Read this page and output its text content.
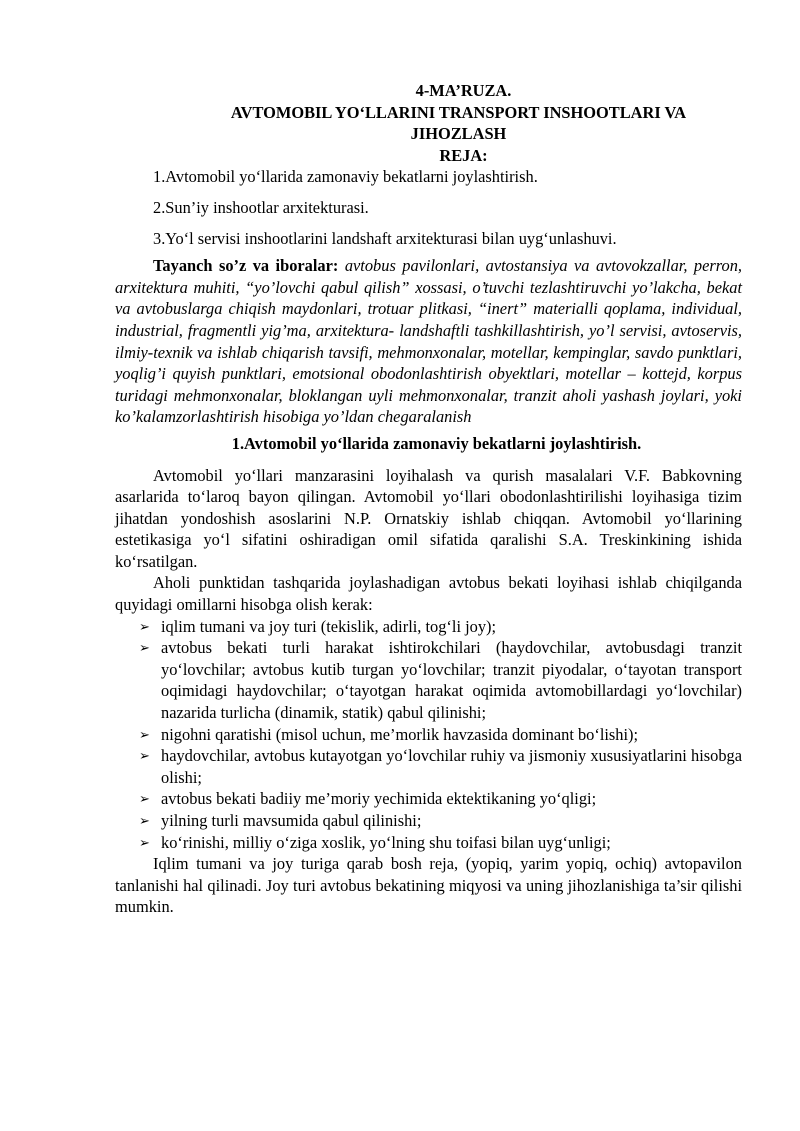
4-MA’RUZA.
AVTOMOBIL YO‘LLARINI TRANSPORT INSHOOTLARI VA
JIHOZLASH
REJA:
1.Avtomobil yo‘llarida zamonaviy bekatlarni joylashtirish.
2.Sun’iy inshootlar arxitekturasi.
3.Yo‘l servisi inshootlarini landshaft arxitekturasi bilan uyg‘unlashuvi.

Tayanch so’z va iboralar: avtobus pavilonlari, avtostansiya va avtovokzallar, perron, arxitektura muhiti, “yo’lovchi qabul qilish” xossasi, o’tuvchi tezlashtiruvchi yo’lakcha, bekat va avtobuslarga chiqish maydonlari, trotuar plitkasi, “inert” materialli qoplama, individual, industrial, fragmentli yig’ma, arxitektura- landshaftli tashkillashtirish, yo’l servisi, avtoservis, ilmiy-texnik va ishlab chiqarish tavsifi, mehmonxonalar, motellar, kempinglar, savdo punktlari, yoqlig’i quyish punktlari, emotsional obodonlashtirish obyektlari, motellar – kottejd, korpus turidagi mehmonxonalar, bloklangan uyli mehmonxonalar, tranzit aholi yashash joylari, yoki ko’kalamzorlashtirish hisobiga yo’ldan chegaralanish

1.Avtomobil yo‘llarida zamonaviy bekatlarni joylashtirish.

Avtomobil yo‘llari manzarasini loyihalash va qurish masalalari V.F. Babkovning asarlarida to‘laroq bayon qilingan. Avtomobil yo‘llari obodonlashtirilishi loyihasiga tizim jihatdan yondoshish asoslarini N.P. Ornatskiy ishlab chiqqan. Avtomobil yo‘llarining estetikasiga yo‘l sifatini oshiradigan omil sifatida qaralishi S.A. Treskinkining ishida ko‘rsatilgan.

Aholi punktidan tashqarida joylashadigan avtobus bekati loyihasi ishlab chiqilganda quyidagi omillarni hisobga olish kerak:

➢ iqlim tumani va joy turi (tekislik, adirli, tog‘li joy);
➢ avtobus bekati turli harakat ishtirokchilari (haydovchilar, avtobusdagi tranzit yo‘lovchilar; avtobus kutib turgan yo‘lovchilar; tranzit piyodalar, o‘tayotan transport oqimidagi haydovchilar; o‘tayotgan harakat oqimida avtomobillardagi yo‘lovchilar) nazarida turlicha (dinamik, statik) qabul qilinishi;
➢ nigohni qaratishi (misol uchun, me’morlik havzasida dominant bo‘lishi);
➢ haydovchilar, avtobus kutayotgan yo‘lovchilar ruhiy va jismoniy xususiyatlarini hisobga olishi;
➢ avtobus bekati badiiy me’moriy yechimida ektektikaning yo‘qligi;
➢ yilning turli mavsumida qabul qilinishi;
➢ ko‘rinishi, milliy o‘ziga xoslik, yo‘lning shu toifasi bilan uyg‘unligi;

Iqlim tumani va joy turiga qarab bosh reja, (yopiq, yarim yopiq, ochiq) avtopavilon tanlanishi hal qilinadi. Joy turi avtobus bekatining miqyosi va uning jihozlanishiga ta’sir qilishi mumkin.
